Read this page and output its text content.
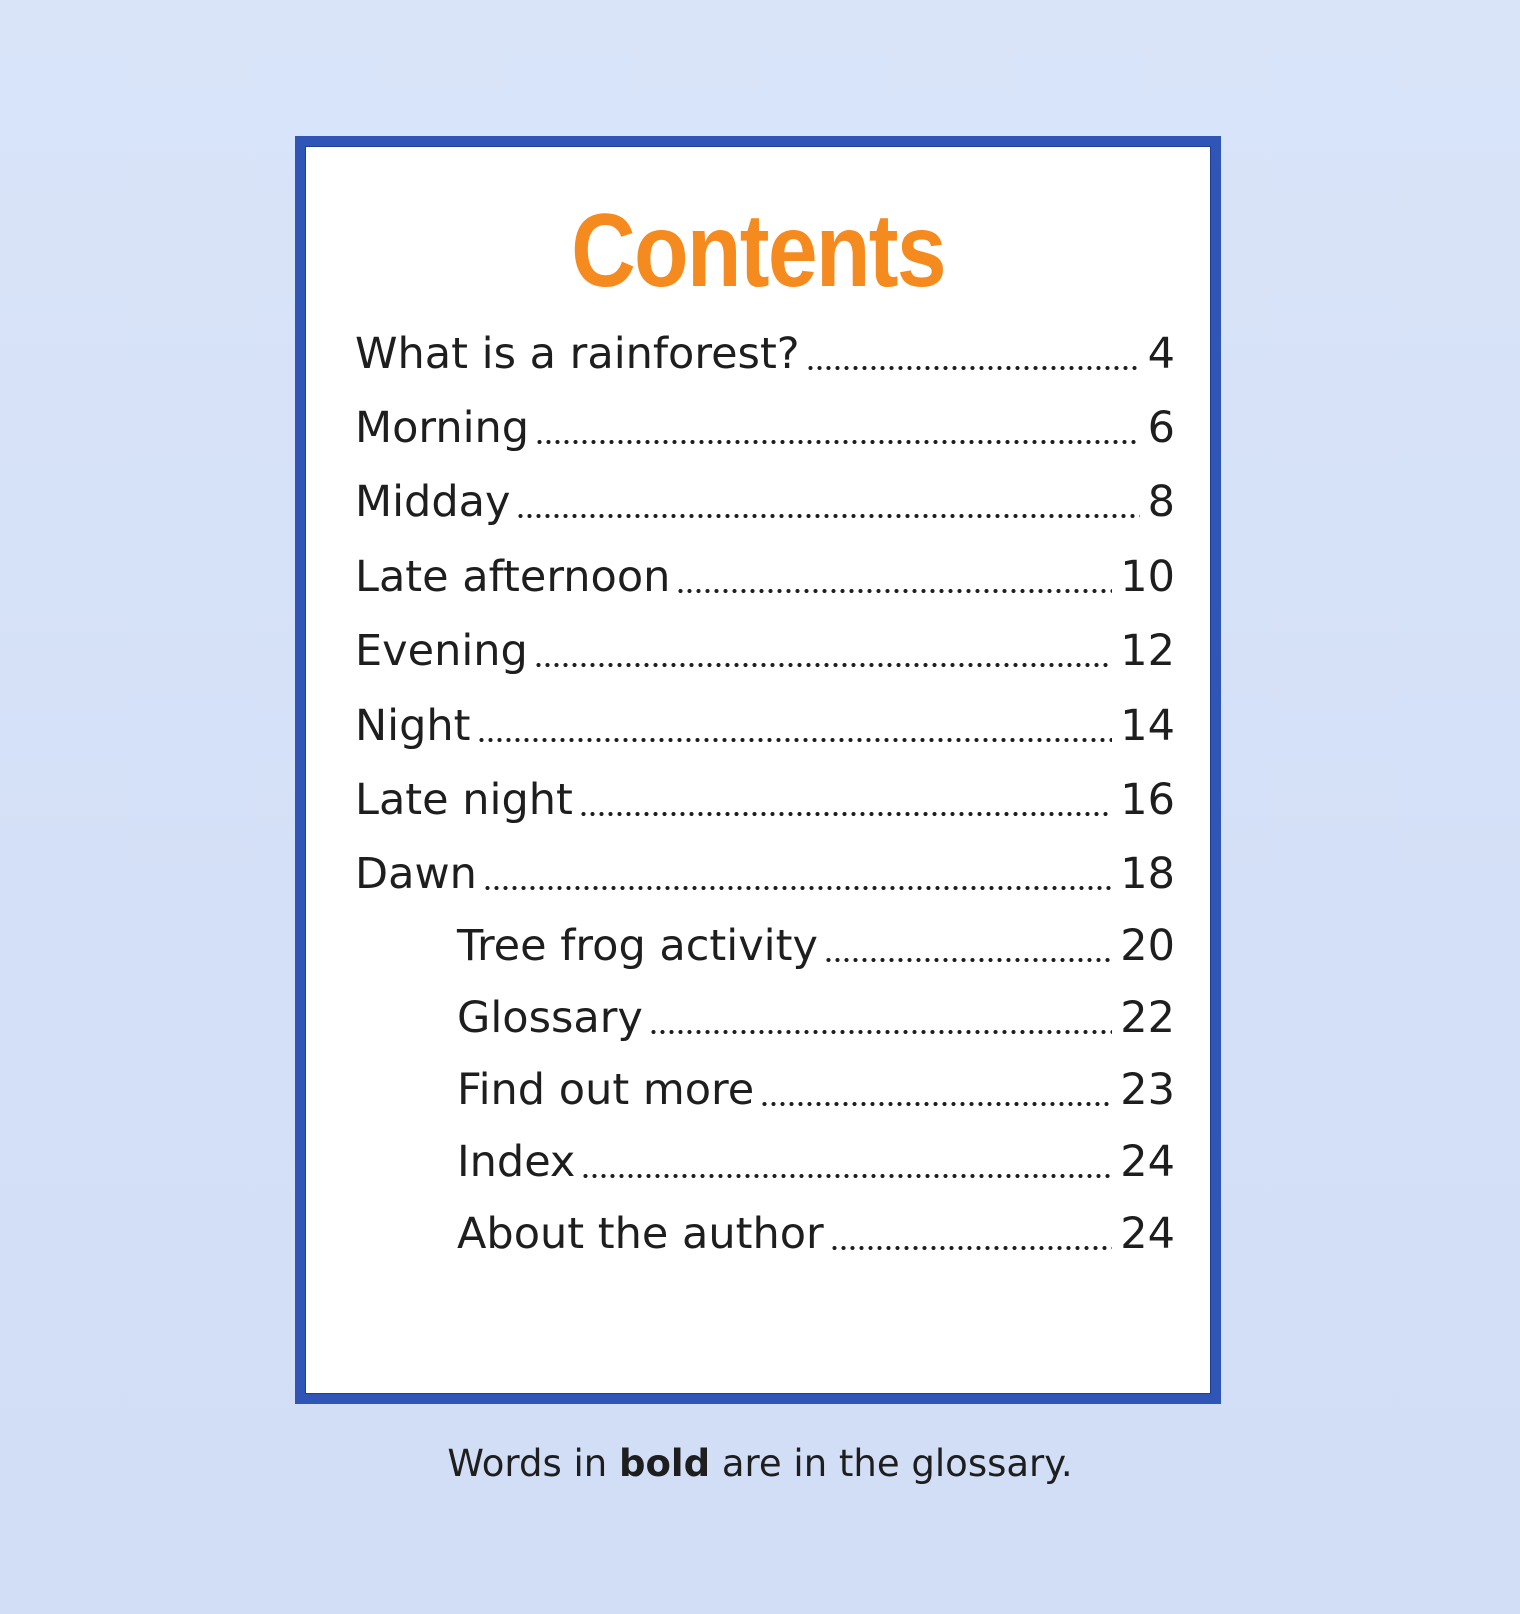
Contents
What is a rainforest?	4
Morning	6
Midday	8
Late afternoon	10
Evening	12
Night	14
Late night	16
Dawn	18
Tree frog activity	20
Glossary	22
Find out more	23
Index	24
About the author	24
Words in bold are in the glossary.
